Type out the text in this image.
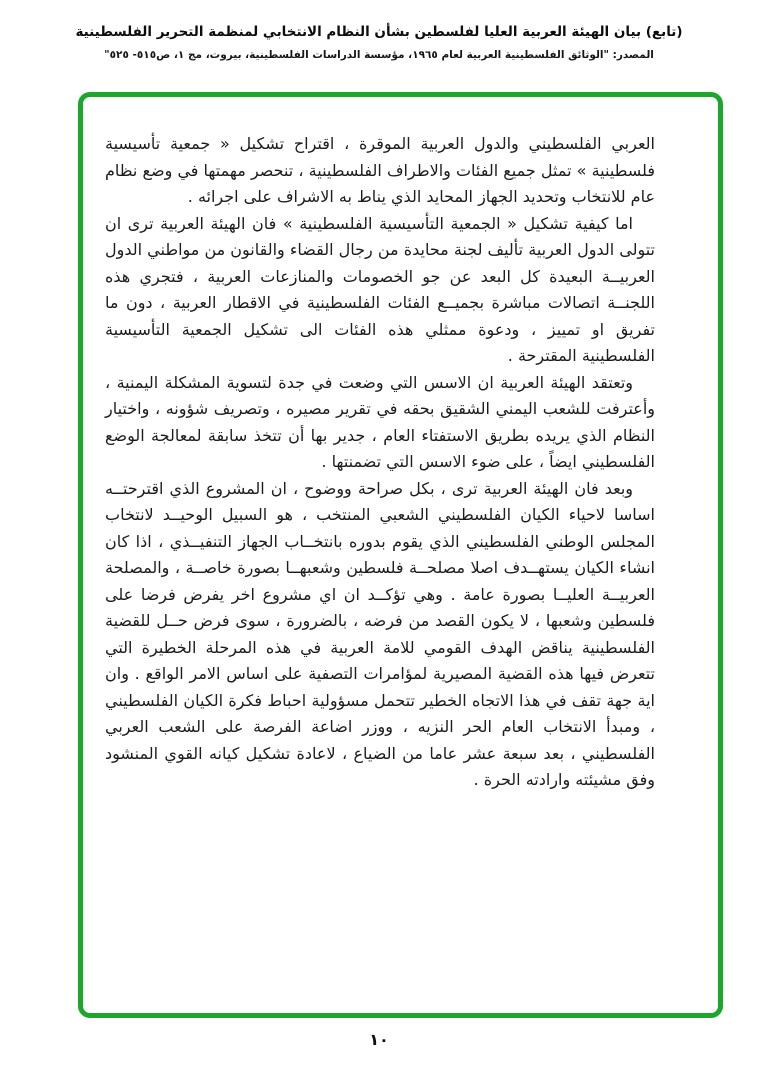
(تابع) بيان الهيئة العربية العليا لفلسطين بشأن النظام الانتخابي لمنظمة التحرير الفلسطينية
المصدر: "الوثائق الفلسطينية العربية لعام ١٩٦٥، مؤسسة الدراسات الفلسطينية، بيروت، مج ١، ص٥١٥- ٥٢٥"

العربي الفلسطيني والدول العربية الموقرة ، اقتراح تشكيل « جمعية تأسيسية فلسطينية » تمثل جميع الفئات والاطراف الفلسطينية ، تنحصر مهمتها في وضع نظام عام للانتخاب وتحديد الجهاز المحايد الذي يناط به الاشراف على اجرائه .

اما كيفية تشكيل « الجمعية التأسيسية الفلسطينية » فان الهيئة العربية ترى ان تتولى الدول العربية تأليف لجنة محايدة من رجال القضاء والقانون من مواطني الدول العربيــة البعيدة كل البعد عن جو الخصومات والمنازعات العربية ، فتجري هذه اللجنــة اتصالات مباشرة بجميــع الفئات الفلسطينية في الاقطار العربية ، دون ما تفريق او تمييز ، ودعوة ممثلي هذه الفئات الى تشكيل الجمعية التأسيسية الفلسطينية المقترحة .

وتعتقد الهيئة العربية ان الاسس التي وضعت في جدة لتسوية المشكلة اليمنية ، وأعترفت للشعب اليمني الشقيق بحقه في تقرير مصيره ، وتصريف شؤونه ، واختيار النظام الذي يريده بطريق الاستفتاء العام ، جدير بها أن تتخذ سابقة لمعالجة الوضع الفلسطيني ايضاً ، على ضوء الاسس التي تضمنتها .

وبعد فان الهيئة العربية ترى ، بكل صراحة ووضوح ، ان المشروع الذي اقترحتــه اساسا لاحياء الكيان الفلسطيني الشعبي المنتخب ، هو السبيل الوحيــد لانتخاب المجلس الوطني الفلسطيني الذي يقوم بدوره بانتخــاب الجهاز التنفيــذي ، اذا كان انشاء الكيان يستهــدف اصلا مصلحــة فلسطين وشعبهــا بصورة خاصــة ، والمصلحة العربيــة العليــا بصورة عامة . وهي تؤكــد ان اي مشروع اخر يفرض فرضا على فلسطين وشعبها ، لا يكون القصد من فرضه ، بالضرورة ، سوى فرض حــل للقضية الفلسطينية يناقض الهدف القومي للامة العربية في هذه المرحلة الخطيرة التي تتعرض فيها هذه القضية المصيرية لمؤامرات التصفية على اساس الامر الواقع . وان اية جهة تقف في هذا الاتجاه الخطير تتحمل مسؤولية احباط فكرة الكيان الفلسطيني ، ومبدأ الانتخاب العام الحر النزيه ، ووزر اضاعة الفرصة على الشعب العربي الفلسطيني ، بعد سبعة عشر عاما من الضياع ، لاعادة تشكيل كيانه القوي المنشود وفق مشيئته وارادته الحرة .

١٠
